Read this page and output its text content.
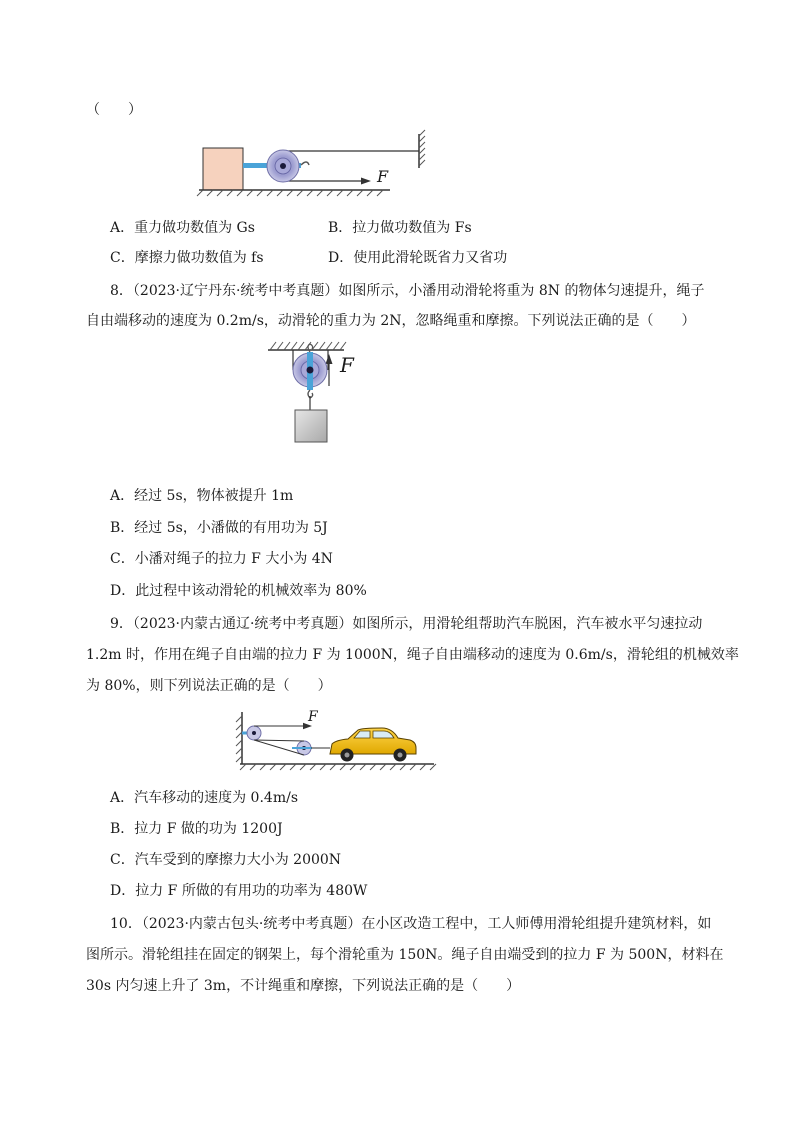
（　　）
F
A．重力做功数值为 Gs	B．拉力做功数值为 Fs
C．摩擦力做功数值为 fs	D．使用此滑轮既省力又省功
8．（2023·辽宁丹东·统考中考真题）如图所示，小潘用动滑轮将重为 8N 的物体匀速提升，绳子
自由端移动的速度为 0.2m/s，动滑轮的重力为 2N，忽略绳重和摩擦。下列说法正确的是（　　）
F
A．经过 5s，物体被提升 1m
B．经过 5s，小潘做的有用功为 5J
C．小潘对绳子的拉力 F 大小为 4N
D．此过程中该动滑轮的机械效率为 80%
9．（2023·内蒙古通辽·统考中考真题）如图所示，用滑轮组帮助汽车脱困，汽车被水平匀速拉动
1.2m 时，作用在绳子自由端的拉力 F 为 1000N，绳子自由端移动的速度为 0.6m/s，滑轮组的机械效率
为 80%，则下列说法正确的是（　　）
F
A．汽车移动的速度为 0.4m/s
B．拉力 F 做的功为 1200J
C．汽车受到的摩擦力大小为 2000N
D．拉力 F 所做的有用功的功率为 480W
10．（2023·内蒙古包头·统考中考真题）在小区改造工程中，工人师傅用滑轮组提升建筑材料，如
图所示。滑轮组挂在固定的钢架上，每个滑轮重为 150N。绳子自由端受到的拉力 F 为 500N，材料在
30s 内匀速上升了 3m，不计绳重和摩擦，下列说法正确的是（　　）
